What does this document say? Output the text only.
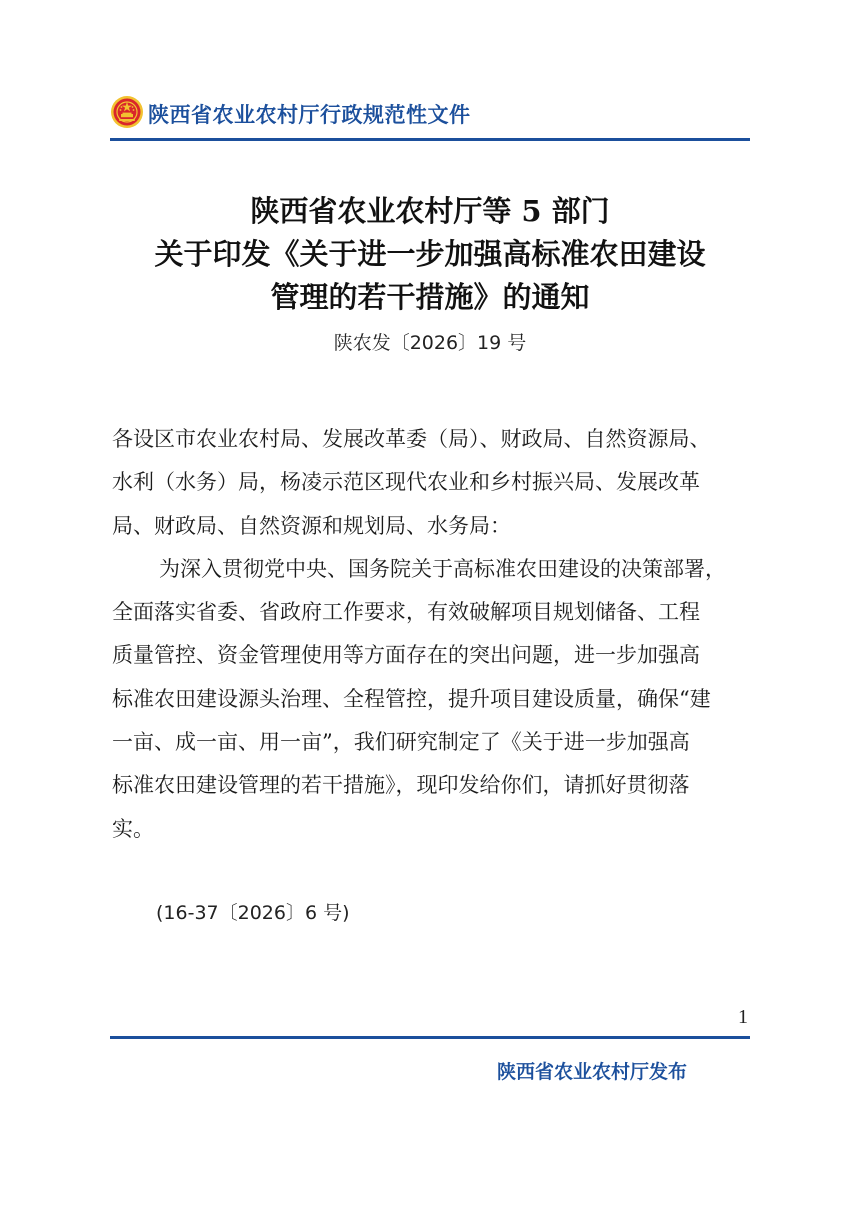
陕西省农业农村厅行政规范性文件
陕西省农业农村厅等 5 部门
关于印发《关于进一步加强高标准农田建设
管理的若干措施》的通知
陕农发〔2026〕19 号
各设区市农业农村局、发展改革委（局）、财政局、自然资源局、
水利（水务）局，杨凌示范区现代农业和乡村振兴局、发展改革
局、财政局、自然资源和规划局、水务局：
为深入贯彻党中央、国务院关于高标准农田建设的决策部署，
全面落实省委、省政府工作要求，有效破解项目规划储备、工程
质量管控、资金管理使用等方面存在的突出问题，进一步加强高
标准农田建设源头治理、全程管控，提升项目建设质量，确保“建
一亩、成一亩、用一亩”，我们研究制定了《关于进一步加强高
标准农田建设管理的若干措施》，现印发给你们，请抓好贯彻落
实。
(16-37〔2026〕6 号)
1
陕西省农业农村厅发布
